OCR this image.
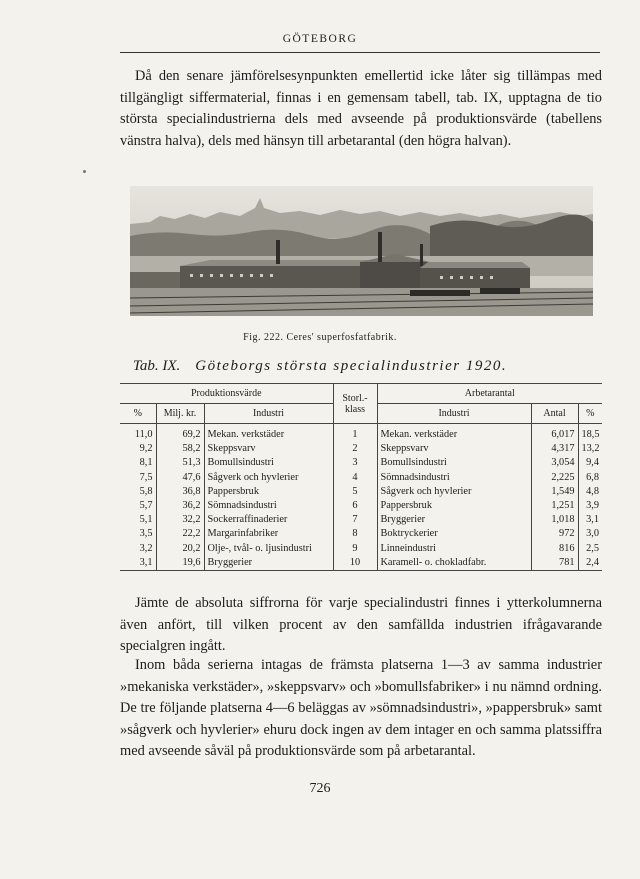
GÖTEBORG

Då den senare jämförelsesynpunkten emellertid icke låter sig tillämpas med tillgängligt siffermaterial, finnas i en gemensam tabell, tab. IX, upptagna de tio största specialindustrierna dels med avseende på produktionsvärde (tabellens vänstra halva), dels med hänsyn till arbetarantal (den högra halvan).

Fig. 222. Ceres' superfosfatfabrik.
Tab. IX. Göteborgs största specialindustrier 1920.
Produktionsvärde			Storl.-klass	Arbetarantal		
%	Milj. kr.	Industri		Industri	Antal	%
11,0	69,2	Mekan. verkstäder	1	Mekan. verkstäder	6,017	18,5
9,2	58,2	Skeppsvarv	2	Skeppsvarv	4,317	13,2
8,1	51,3	Bomullsindustri	3	Bomullsindustri	3,054	9,4
7,5	47,6	Sågverk och hyvlerier	4	Sömnadsindustri	2,225	6,8
5,8	36,8	Pappersbruk	5	Sågverk och hyvlerier	1,549	4,8
5,7	36,2	Sömnadsindustri	6	Pappersbruk	1,251	3,9
5,1	32,2	Sockerraffinaderier	7	Bryggerier	1,018	3,1
3,5	22,2	Margarinfabriker	8	Boktryckerier	972	3,0
3,2	20,2	Olje-, tvål- o. ljusindustri	9	Linneindustri	816	2,5
3,1	19,6	Bryggerier	10	Karamell- o. chokladfabr.	781	2,4

Jämte de absoluta siffrorna för varje specialindustri finnes i ytterkolumnerna även anfört, till vilken procent av den samfällda industrien ifrågavarande specialgren ingått.

Inom båda serierna intagas de främsta platserna 1—3 av samma industrier »mekaniska verkstäder», »skeppsvarv» och »bomullsfabriker» i nu nämnd ordning. De tre följande platserna 4—6 beläggas av »sömnadsindustri», »pappersbruk» samt »sågverk och hyvlerier» ehuru dock ingen av dem intager en och samma platssiffra med avseende såväl på produktionsvärde som på arbetarantal.

726
